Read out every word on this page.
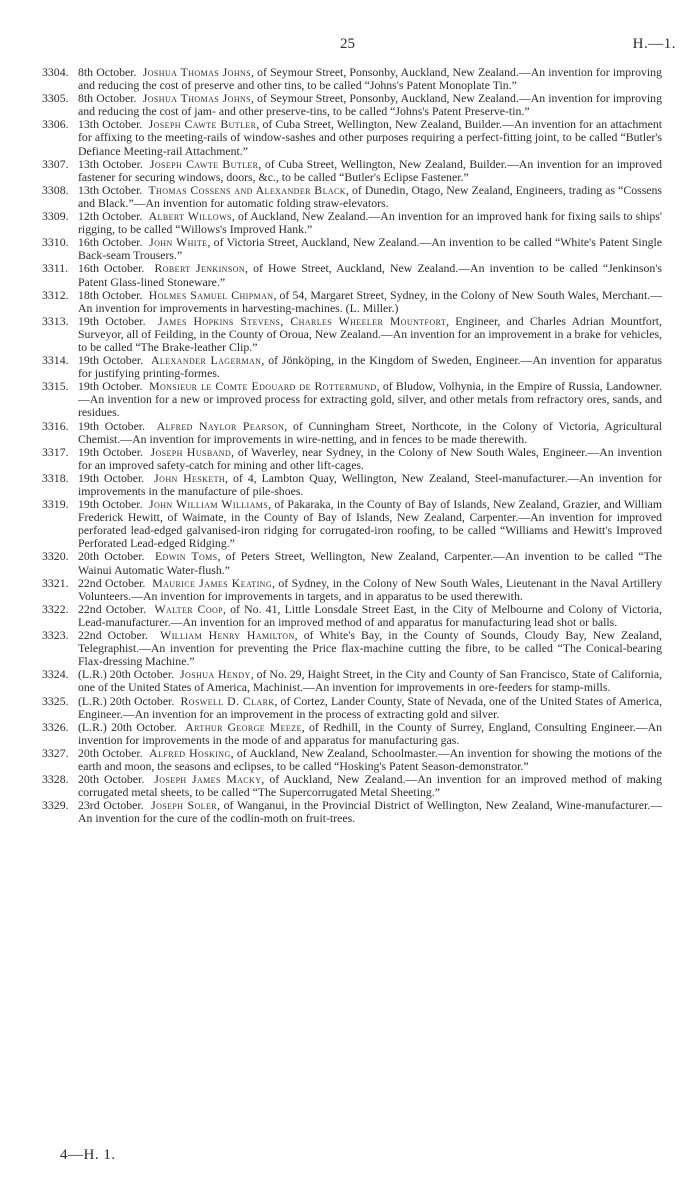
25	H.—1.
3304. 8th October. Joshua Thomas Johns, of Seymour Street, Ponsonby, Auckland, New Zealand.—An invention for improving and reducing the cost of preserve and other tins, to be called “Johns's Patent Monoplate Tin.”
3305. 8th October. Joshua Thomas Johns, of Seymour Street, Ponsonby, Auckland, New Zealand.—An invention for improving and reducing the cost of jam- and other preserve-tins, to be called “Johns's Patent Preserve-tin.”
3306. 13th October. Joseph Cawte Butler, of Cuba Street, Wellington, New Zealand, Builder.—An invention for an attachment for affixing to the meeting-rails of window-sashes and other purposes requiring a perfect-fitting joint, to be called “Butler's Defiance Meeting-rail Attachment.”
3307. 13th October. Joseph Cawte Butler, of Cuba Street, Wellington, New Zealand, Builder.—An invention for an improved fastener for securing windows, doors, &c., to be called “Butler's Eclipse Fastener.”
3308. 13th October. Thomas Cossens and Alexander Black, of Dunedin, Otago, New Zealand, Engineers, trading as “Cossens and Black.”—An invention for automatic folding straw-elevators.
3309. 12th October. Albert Willows, of Auckland, New Zealand.—An invention for an improved hank for fixing sails to ships' rigging, to be called “Willows's Improved Hank.”
3310. 16th October. John White, of Victoria Street, Auckland, New Zealand.—An invention to be called “White's Patent Single Back-seam Trousers.”
3311. 16th October. Robert Jenkinson, of Howe Street, Auckland, New Zealand.—An invention to be called “Jenkinson's Patent Glass-lined Stoneware.”
3312. 18th October. Holmes Samuel Chipman, of 54, Margaret Street, Sydney, in the Colony of New South Wales, Merchant.—An invention for improvements in harvesting-machines. (L. Miller.)
3313. 19th October. James Hopkins Stevens, Charles Wheeler Mountfort, Engineer, and Charles Adrian Mountfort, Surveyor, all of Feilding, in the County of Oroua, New Zealand.—An invention for an improvement in a brake for vehicles, to be called “The Brake-leather Clip.”
3314. 19th October. Alexander Lagerman, of Jönköping, in the Kingdom of Sweden, Engineer.—An invention for apparatus for justifying printing-formes.
3315. 19th October. Monsieur le Comte Edouard de Rottermund, of Bludow, Volhynia, in the Empire of Russia, Landowner.—An invention for a new or improved process for extracting gold, silver, and other metals from refractory ores, sands, and residues.
3316. 19th October. Alfred Naylor Pearson, of Cunningham Street, Northcote, in the Colony of Victoria, Agricultural Chemist.—An invention for improvements in wire-netting, and in fences to be made therewith.
3317. 19th October. Joseph Husband, of Waverley, near Sydney, in the Colony of New South Wales, Engineer.—An invention for an improved safety-catch for mining and other lift-cages.
3318. 19th October. John Hesketh, of 4, Lambton Quay, Wellington, New Zealand, Steel-manufacturer.—An invention for improvements in the manufacture of pile-shoes.
3319. 19th October. John William Williams, of Pakaraka, in the County of Bay of Islands, New Zealand, Grazier, and William Frederick Hewitt, of Waimate, in the County of Bay of Islands, New Zealand, Carpenter.—An invention for improved perforated lead-edged galvanised-iron ridging for corrugated-iron roofing, to be called “Williams and Hewitt's Improved Perforated Lead-edged Ridging.”
3320. 20th October. Edwin Toms, of Peters Street, Wellington, New Zealand, Carpenter.—An invention to be called “The Wainui Automatic Water-flush.”
3321. 22nd October. Maurice James Keating, of Sydney, in the Colony of New South Wales, Lieutenant in the Naval Artillery Volunteers.—An invention for improvements in targets, and in apparatus to be used therewith.
3322. 22nd October. Walter Coop, of No. 41, Little Lonsdale Street East, in the City of Melbourne and Colony of Victoria, Lead-manufacturer.—An invention for an improved method of and apparatus for manufacturing lead shot or balls.
3323. 22nd October. William Henry Hamilton, of White's Bay, in the County of Sounds, Cloudy Bay, New Zealand, Telegraphist.—An invention for preventing the Price flax-machine cutting the fibre, to be called “The Conical-bearing Flax-dressing Machine.”
3324. (L.R.) 20th October. Joshua Hendy, of No. 29, Haight Street, in the City and County of San Francisco, State of California, one of the United States of America, Machinist.—An invention for improvements in ore-feeders for stamp-mills.
3325. (L.R.) 20th October. Roswell D. Clark, of Cortez, Lander County, State of Nevada, one of the United States of America, Engineer.—An invention for an improvement in the process of extracting gold and silver.
3326. (L.R.) 20th October. Arthur George Meeze, of Redhill, in the County of Surrey, England, Consulting Engineer.—An invention for improvements in the mode of and apparatus for manufacturing gas.
3327. 20th October. Alfred Hosking, of Auckland, New Zealand, Schoolmaster.—An invention for showing the motions of the earth and moon, the seasons and eclipses, to be called “Hosking's Patent Season-demonstrator.”
3328. 20th October. Joseph James Macky, of Auckland, New Zealand.—An invention for an improved method of making corrugated metal sheets, to be called “The Supercorrugated Metal Sheeting.”
3329. 23rd October. Joseph Soler, of Wanganui, in the Provincial District of Wellington, New Zealand, Wine-manufacturer.—An invention for the cure of the codlin-moth on fruit-trees.
4—H. 1.
